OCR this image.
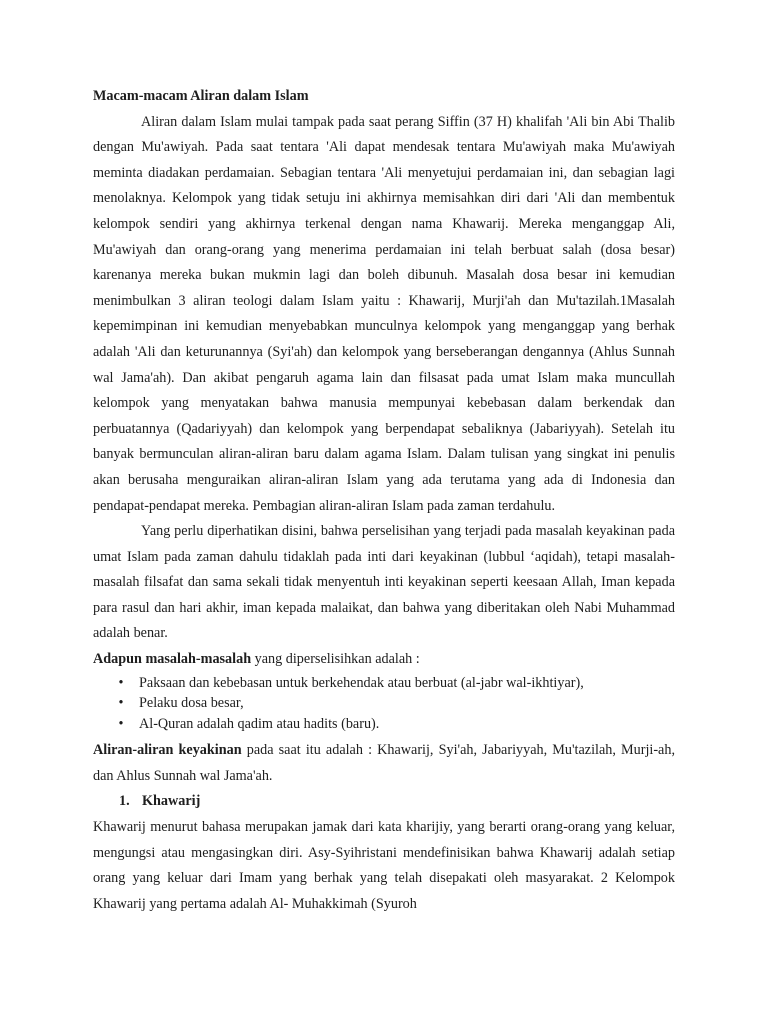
Macam-macam Aliran dalam Islam

Aliran dalam Islam mulai tampak pada saat perang Siffin (37 H) khalifah 'Ali bin Abi Thalib dengan Mu'awiyah. Pada saat tentara 'Ali dapat mendesak tentara Mu'awiyah maka Mu'awiyah meminta diadakan perdamaian. Sebagian tentara 'Ali menyetujui perdamaian ini, dan sebagian lagi menolaknya. Kelompok yang tidak setuju ini akhirnya memisahkan diri dari 'Ali dan membentuk kelompok sendiri yang akhirnya terkenal dengan nama Khawarij. Mereka menganggap Ali, Mu'awiyah dan orang-orang yang menerima perdamaian ini telah berbuat salah (dosa besar) karenanya mereka bukan mukmin lagi dan boleh dibunuh. Masalah dosa besar ini kemudian menimbulkan 3 aliran teologi dalam Islam yaitu : Khawarij, Murji'ah dan Mu'tazilah.1Masalah kepemimpinan ini kemudian menyebabkan munculnya kelompok yang menganggap yang berhak adalah 'Ali dan keturunannya (Syi'ah) dan kelompok yang berseberangan dengannya (Ahlus Sunnah wal Jama'ah). Dan akibat pengaruh agama lain dan filsasat pada umat Islam maka muncullah kelompok yang menyatakan bahwa manusia mempunyai kebebasan dalam berkendak dan perbuatannya (Qadariyyah) dan kelompok yang berpendapat sebaliknya (Jabariyyah). Setelah itu banyak bermunculan aliran-aliran baru dalam agama Islam. Dalam tulisan yang singkat ini penulis akan berusaha menguraikan aliran-aliran Islam yang ada terutama yang ada di Indonesia dan pendapat-pendapat mereka. Pembagian aliran-aliran Islam pada zaman terdahulu.

Yang perlu diperhatikan disini, bahwa perselisihan yang terjadi pada masalah keyakinan pada umat Islam pada zaman dahulu tidaklah pada inti dari keyakinan (lubbul ‘aqidah), tetapi masalah-masalah filsafat dan sama sekali tidak menyentuh inti keyakinan seperti keesaan Allah, Iman kepada para rasul dan hari akhir, iman kepada malaikat, dan bahwa yang diberitakan oleh Nabi Muhammad adalah benar.

Adapun masalah-masalah yang diperselisihkan adalah :

• Paksaan dan kebebasan untuk berkehendak atau berbuat (al-jabr wal-ikhtiyar),
• Pelaku dosa besar,
• Al-Quran adalah qadim atau hadits (baru).

Aliran-aliran keyakinan pada saat itu adalah : Khawarij, Syi'ah, Jabariyyah, Mu'tazilah, Murji-ah, dan Ahlus Sunnah wal Jama'ah.

1. Khawarij

Khawarij menurut bahasa merupakan jamak dari kata kharijiy, yang berarti orang-orang yang keluar, mengungsi atau mengasingkan diri. Asy-Syihristani mendefinisikan bahwa Khawarij adalah setiap orang yang keluar dari Imam yang berhak yang telah disepakati oleh masyarakat. 2 Kelompok Khawarij yang pertama adalah Al- Muhakkimah (Syuroh
